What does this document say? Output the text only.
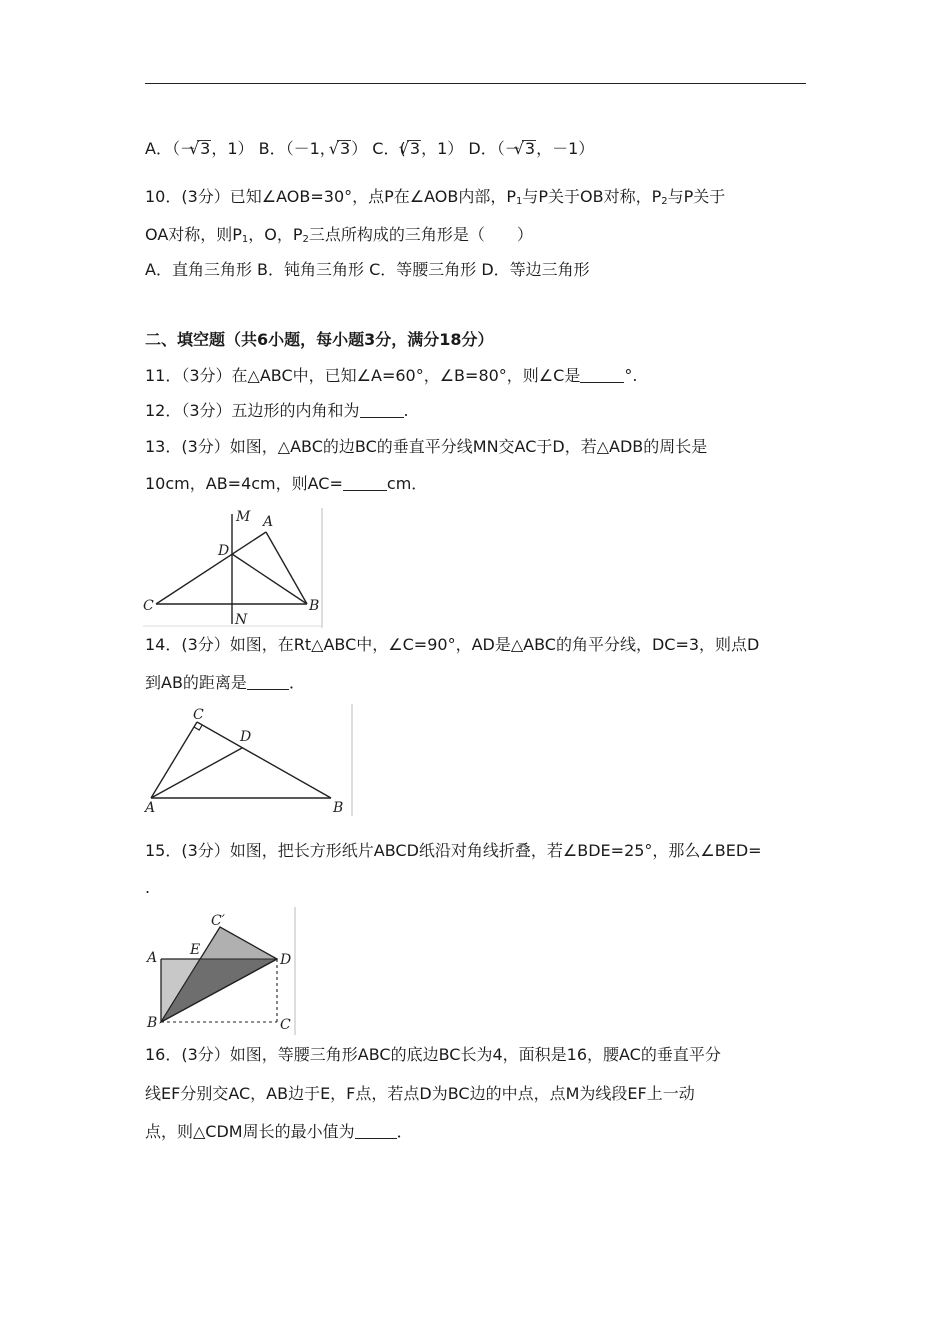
A．（－ √ 3，1） B．（－1， √ 3） C．( √ 3，1） D．（－ √ 3，－1）
10．(3分）已知∠AOB=30°，点P在∠AOB内部，$P_1$与P关于OB对称，$P_2$与P关于
OA对称，则$P_1$，O，$P_2$三点所构成的三角形是（　　）
A．直角三角形 B．钝角三角形 C．等腰三角形 D．等边三角形
二、填空题（共6小题，每小题3分，满分18分）
11．（3分）在△ABC中，已知∠A=60°，∠B=80°，则∠C是	°.
12．（3分）五边形的内角和为	.
13．(3分）如图，△ABC的边BC的垂直平分线MN交AC于D，若△ADB的周长是
10cm，AB=4cm，则AC=	cm．
M A
D
C	B
N
14．(3分）如图，在Rt△ABC中，∠C=90°，AD是△ABC的角平分线，DC=3，则点D
到AB的距离是	．
C
D
A	B
15．(3分）如图，把长方形纸片ABCD纸沿对角线折叠，若∠BDE=25°，那么∠BED=
.
C′
A E
D
B	C
16．(3分）如图，等腰三角形ABC的底边BC长为4，面积是16，腰AC的垂直平分
线EF分别交AC，AB边于E，F点，若点D为BC边的中点，点M为线段EF上一动
点，则△CDM周长的最小值为	．
